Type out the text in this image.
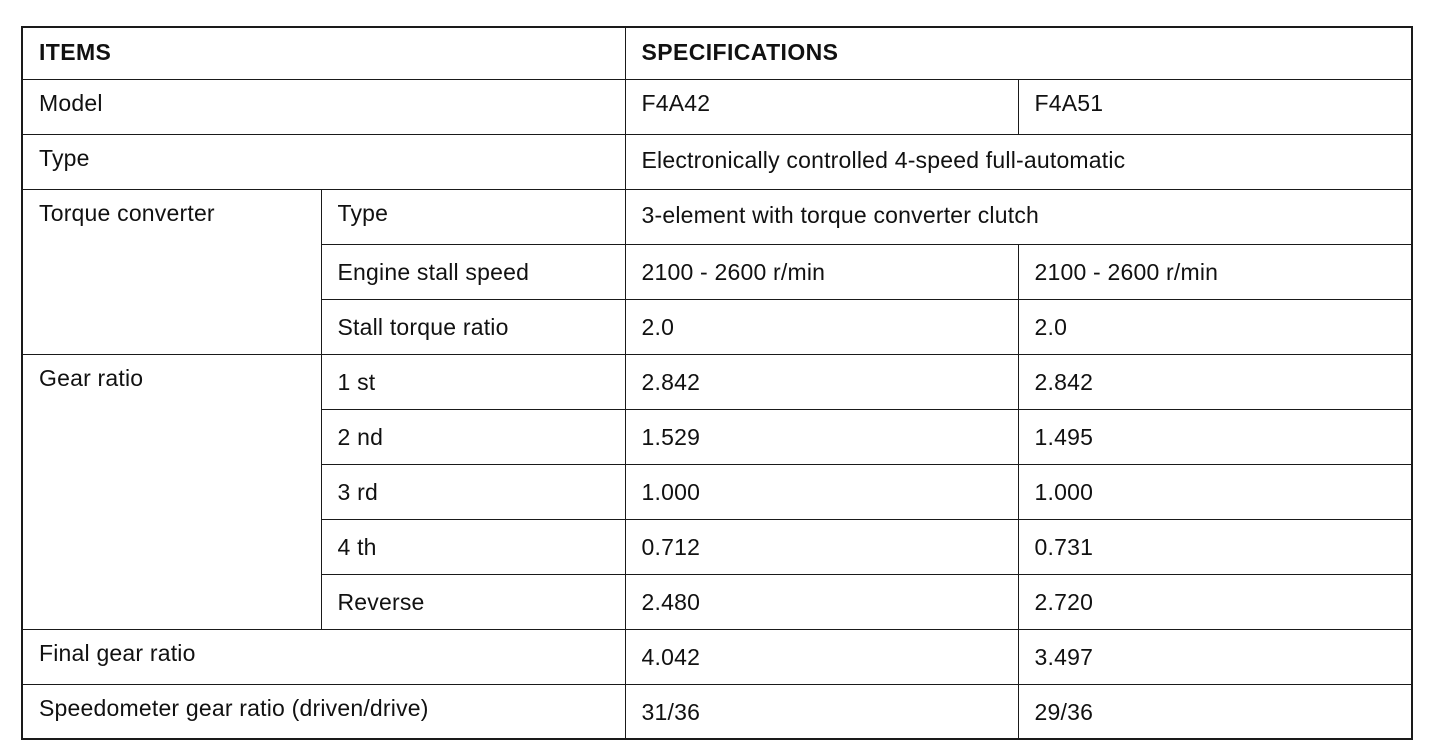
ITEMS		SPECIFICATIONS	
Model		F4A42	F4A51
Type		Electronically controlled 4-speed full-automatic	
Torque converter	Type	3-element with torque converter clutch	
	Engine stall speed	2100 - 2600 r/min	2100 - 2600 r/min
	Stall torque ratio	2.0	2.0
Gear ratio	1 st	2.842	2.842
	2 nd	1.529	1.495
	3 rd	1.000	1.000
	4 th	0.712	0.731
	Reverse	2.480	2.720
Final gear ratio		4.042	3.497
Speedometer gear ratio (driven/drive)		31/36	29/36
